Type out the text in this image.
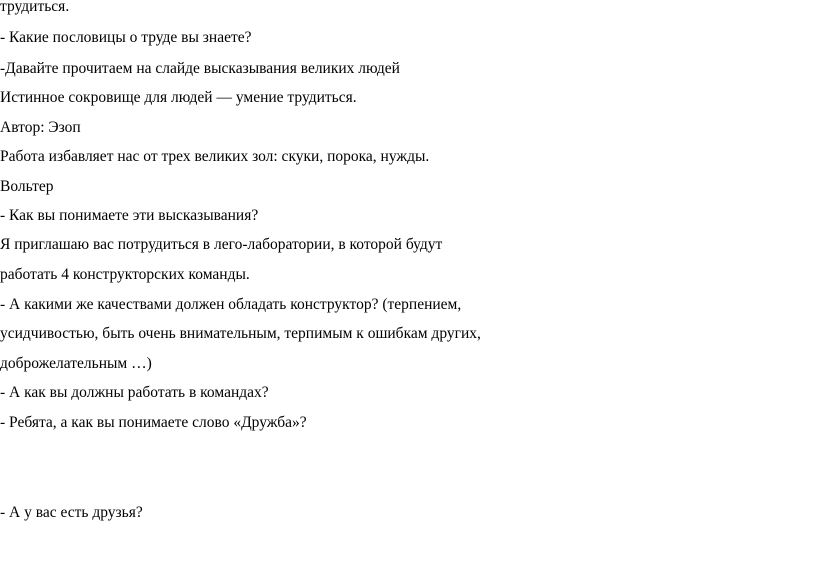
трудиться.

- Какие пословицы о труде вы знаете?

-Давайте прочитаем на слайде высказывания великих людей

Истинное сокровище для людей — умение трудиться.

Автор: Эзоп

Работа избавляет нас от трех великих зол: скуки, порока, нужды.

Вольтер

- Как вы понимаете эти высказывания?

Я приглашаю вас потрудиться в лего-лаборатории, в которой будут

работать 4 конструкторских команды.

- А какими же качествами должен обладать конструктор? (терпением,

усидчивостью, быть очень внимательным, терпимым к ошибкам других,

доброжелательным …)

- А как вы должны работать в командах?

- Ребята, а как вы понимаете слово «Дружба»?

- А у вас есть друзья?
